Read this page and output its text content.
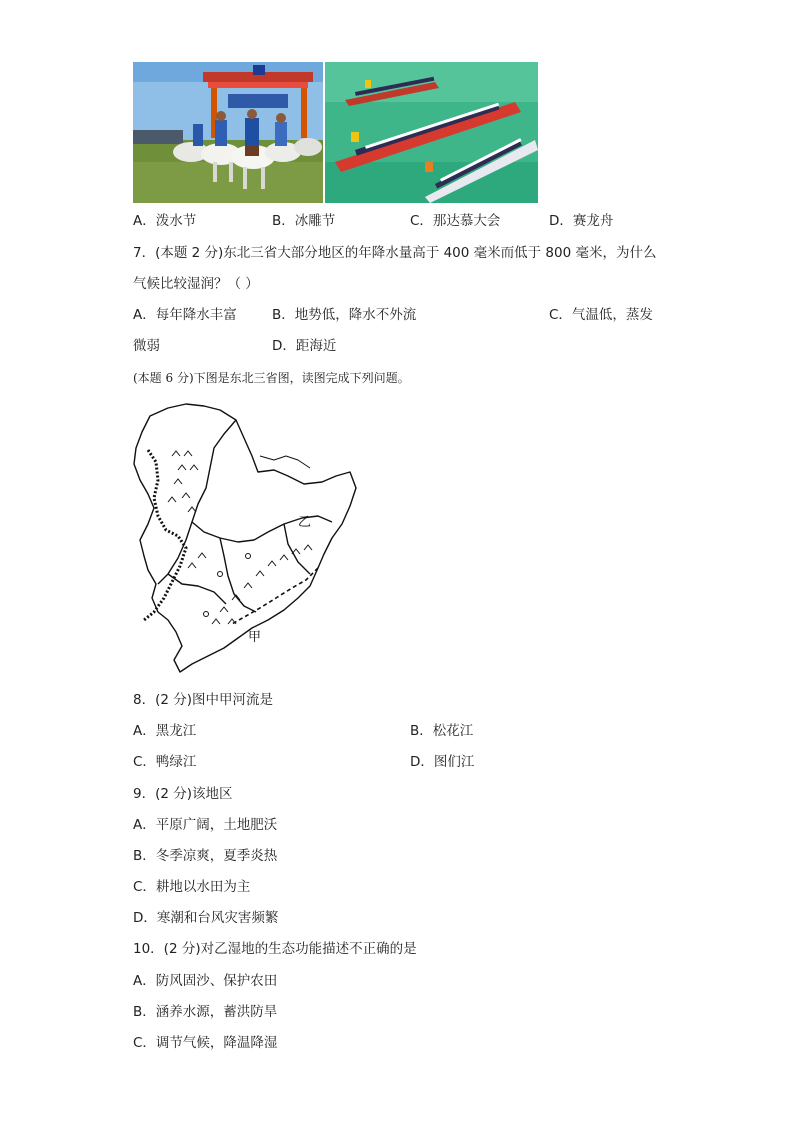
A．泼水节	B．冰雕节	C．那达慕大会	D．赛龙舟
7．(本题 2 分)东北三省大部分地区的年降水量高于 400 毫米而低于 800 毫米，为什么
气候比较湿润？（ ）
A．每年降水丰富	B．地势低，降水不外流	C．气温低，蒸发
微弱	D．距海近
(本题 6 分)下图是东北三省图，读图完成下列问题。
乙
甲
8．(2 分)图中甲河流是
A．黑龙江	B．松花江
C．鸭绿江	D．图们江
9．(2 分)该地区
A．平原广阔，土地肥沃
B．冬季凉爽，夏季炎热
C．耕地以水田为主
D．寒潮和台风灾害频繁
10．(2 分)对乙湿地的生态功能描述不正确的是
A．防风固沙、保护农田
B．涵养水源，蓄洪防旱
C．调节气候，降温降湿
